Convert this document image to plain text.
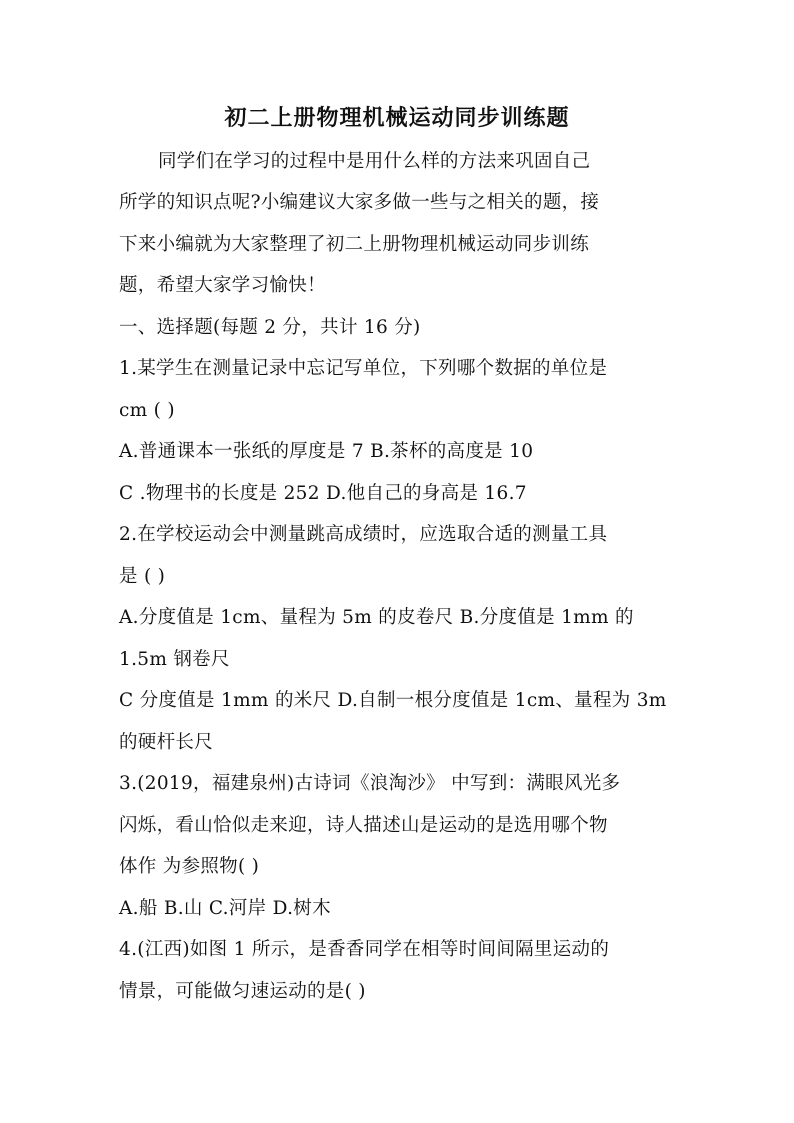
初二上册物理机械运动同步训练题
同学们在学习的过程中是用什么样的方法来巩固自己
所学的知识点呢?小编建议大家多做一些与之相关的题，接
下来小编就为大家整理了初二上册物理机械运动同步训练
题，希望大家学习愉快！
一、选择题(每题 2 分，共计 16 分)
1.某学生在测量记录中忘记写单位，下列哪个数据的单位是
cm ( )
A.普通课本一张纸的厚度是 7 B.茶杯的高度是 10
C .物理书的长度是 252 D.他自己的身高是 16.7
2.在学校运动会中测量跳高成绩时，应选取合适的测量工具
是 ( )
A.分度值是 1cm、量程为 5m 的皮卷尺 B.分度值是 1mm 的
1.5m 钢卷尺
C 分度值是 1mm 的米尺 D.自制一根分度值是 1cm、量程为 3m
的硬杆长尺
3.(2019，福建泉州)古诗词《浪淘沙》 中写到：满眼风光多
闪烁，看山恰似走来迎，诗人描述山是运动的是选用哪个物
体作 为参照物( )
A.船 B.山 C.河岸 D.树木
4.(江西)如图 1 所示，是香香同学在相等时间间隔里运动的
情景，可能做匀速运动的是( )
